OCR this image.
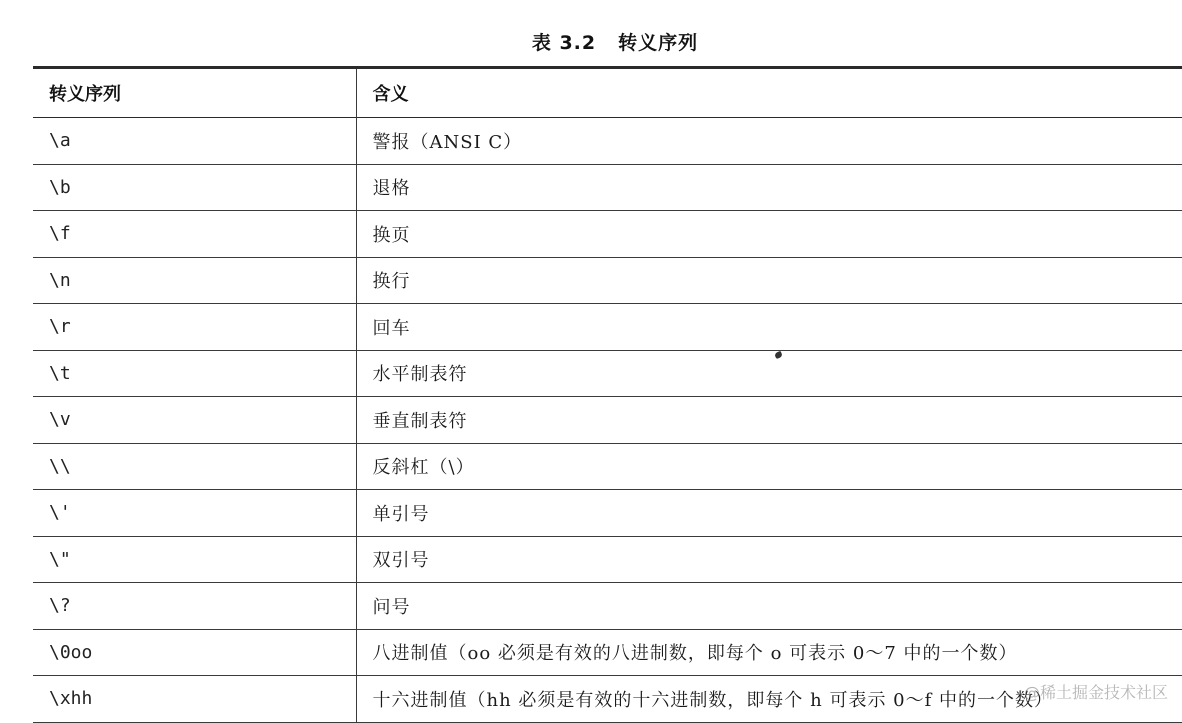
表 3.2 转义序列
转义序列	含义
\a	警报（ANSI C）
\b	退格
\f	换页
\n	换行
\r	回车
\t	水平制表符
\v	垂直制表符
\\	反斜杠（\）
\'	单引号
\"	双引号
\?	问号
\0oo	八进制值（oo 必须是有效的八进制数，即每个 o 可表示 0～7 中的一个数）
\xhh	十六进制值（hh 必须是有效的十六进制数，即每个 h 可表示 0～f 中的一个数）
@稀土掘金技术社区
